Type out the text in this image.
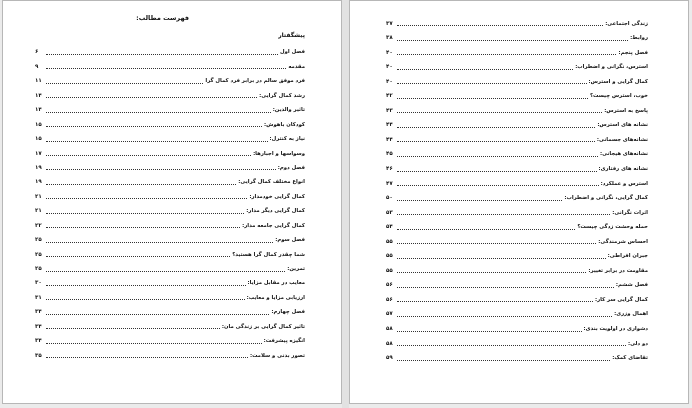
فهرست مطالب:
پیشگفتار
فصل اول
۶
مقدمه
۹
فرد موفق سالم در برابر فرد کمال گرا
۱۱
رشد کمال گرایی:
۱۴
تاثیر والدین:
۱۴
کودکان باهوش:
۱۵
نیاز به کنترل:
۱۵
وسواسها و اجبارها:
۱۷
فصل دوم:
۱۹
انواع مختلف کمال گرایی:
۱۹
کمال گرایی خودمدار:
۲۱
کمال گرایی دیگر مدار:
۲۱
کمال گرایی جامعه مدار:
۲۲
فصل سوم:
۲۵
شما چقدر کمال گرا هستید؟
۲۵
تمرین:
۲۵
معایب در مقابل مزایا:
۳۰
ارزیابی مزایا و معایب:
۳۱
فصل چهارم:
۳۴
تاثیر کمال گرایی بر زندگی مان:
۳۴
انگیزه پیشرفت:
۳۴
تصور بدنی و سلامت:
۳۵
زندگی اجتماعی:
۳۷
روابط:
۳۸
فصل پنجم:
۴۰
استرس، نگرانی و اضطراب:
۴۰
کمال گرایی و استرس:
۴۰
خوب، استرس چیست؟
۴۲
پاسخ به استرس:
۴۳
نشانه های استرس:
۴۴
نشانه‌های جسمانی:
۴۴
نشانه‌های هیجانی:
۴۵
نشانه های رفتاری:
۴۶
استرس و عملکرد:
۴۷
کمال گرایی، نگرانی و اضطراب:
۵۰
اثرات نگرانی:
۵۳
حمله وحشت زدگی چیست؟
۵۴
احساس شرمندگی:
۵۵
جبران افراطی:
۵۵
مقاومت در برابر تغییر:
۵۵
فصل ششم:
۵۶
کمال گرایی سر کار:
۵۶
اهمال وزری:
۵۷
دشواری در اولویت بندی:
۵۸
دو دلی:
۵۸
تقاضای کمک:
۵۹
